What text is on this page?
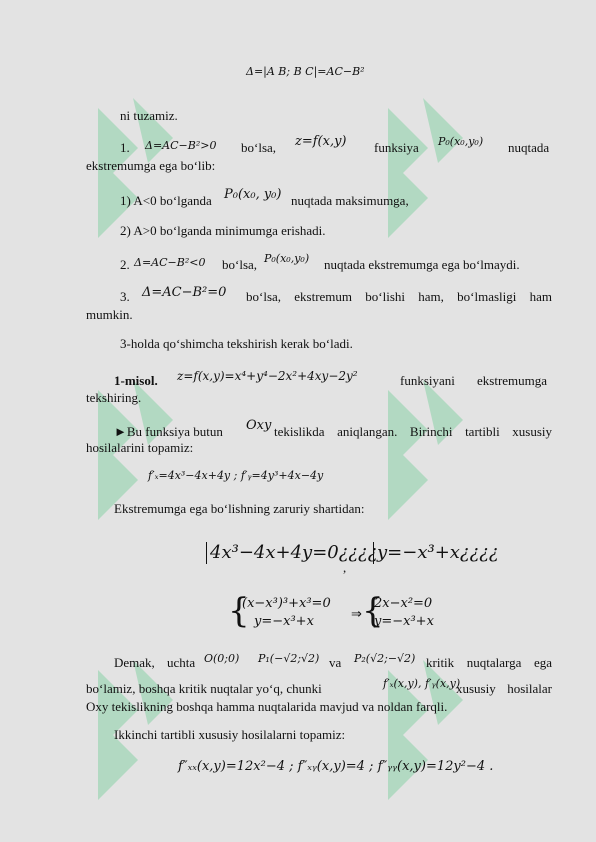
Δ=|A B; B C|=AC−B²
ni tuzamiz.
1. Δ=AC−B²>0 bo‘lsa, z=f(x,y) funksiya P₀(x₀,y₀) nuqtada
ekstremumga ega bo‘lib:
1) A<0 bo‘lganda P₀(x₀, y₀) nuqtada maksimumga,
2) A>0 bo‘lganda minimumga erishadi.
2. Δ=AC−B²<0 bo‘lsa, P₀(x₀,y₀) nuqtada ekstremumga ega bo‘lmaydi.
3. Δ=AC−B²=0 bo‘lsa, ekstremum bo‘lishi ham, bo‘lmasligi ham
mumkin.
3-holda qo‘shimcha tekshirish kerak bo‘ladi.
1-misol. z=f(x,y)=x⁴+y⁴−2x²+4xy−2y²	funksiyani ekstremumga
tekshiring.
►Bu funksiya butun Oxy tekislikda aniqlangan. Birinchi tartibli xususiy
hosilalarini topamiz:
f′ₓ=4x³−4x+4y ; f′ᵧ=4y³+4x−4y
Ekstremumga ega bo‘lishning zaruriy shartidan:
4x³−4x+4y=0¿¿¿¿
,
y=−x³+x¿¿¿¿
{
(x−x³)³+x³=0
y=−x³+x
⇒ {
2x−x²=0
y=−x³+x
Demak, uchta O(0;0) P₁(−√2;√2) va P₂(√2;−√2) kritik nuqtalarga ega
bo‘lamiz, boshqa kritik nuqtalar yo‘q, chunki	f′ₓ(x,y), f′ᵧ(x,y)
xususiy hosilalar
Oxy tekislikning boshqa hamma nuqtalarida mavjud va noldan farqli.
Ikkinchi tartibli xususiy hosilalarni topamiz:
f″ₓₓ(x,y)=12x²−4 ; f″ₓᵧ(x,y)=4 ; f″ᵧᵧ(x,y)=12y²−4 .
